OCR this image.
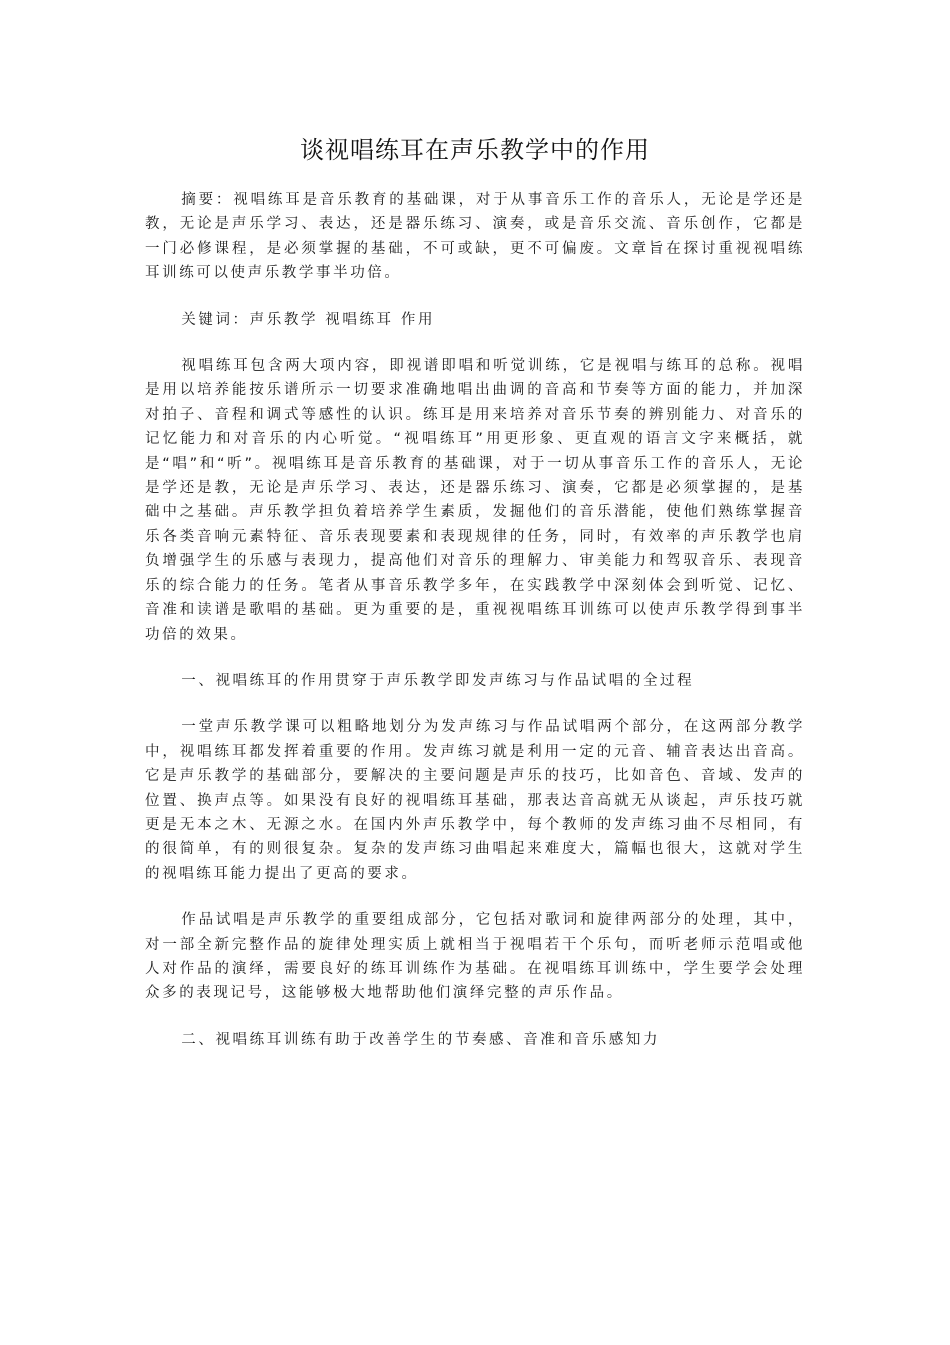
谈视唱练耳在声乐教学中的作用

摘要：视唱练耳是音乐教育的基础课，对于从事音乐工作的音乐人，无论是学还是教，无论是声乐学习、表达，还是器乐练习、演奏，或是音乐交流、音乐创作，它都是一门必修课程，是必须掌握的基础，不可或缺，更不可偏废。文章旨在探讨重视视唱练耳训练可以使声乐教学事半功倍。

关键词：声乐教学 视唱练耳 作用

视唱练耳包含两大项内容，即视谱即唱和听觉训练，它是视唱与练耳的总称。视唱是用以培养能按乐谱所示一切要求准确地唱出曲调的音高和节奏等方面的能力，并加深对拍子、音程和调式等感性的认识。练耳是用来培养对音乐节奏的辨别能力、对音乐的记忆能力和对音乐的内心听觉。“视唱练耳”用更形象、更直观的语言文字来概括，就是“唱”和“听”。视唱练耳是音乐教育的基础课，对于一切从事音乐工作的音乐人，无论是学还是教，无论是声乐学习、表达，还是器乐练习、演奏，它都是必须掌握的，是基础中之基础。声乐教学担负着培养学生素质，发掘他们的音乐潜能，使他们熟练掌握音乐各类音响元素特征、音乐表现要素和表现规律的任务，同时，有效率的声乐教学也肩负增强学生的乐感与表现力，提高他们对音乐的理解力、审美能力和驾驭音乐、表现音乐的综合能力的任务。笔者从事音乐教学多年，在实践教学中深刻体会到听觉、记忆、音准和读谱是歌唱的基础。更为重要的是，重视视唱练耳训练可以使声乐教学得到事半功倍的效果。

一、视唱练耳的作用贯穿于声乐教学即发声练习与作品试唱的全过程

一堂声乐教学课可以粗略地划分为发声练习与作品试唱两个部分，在这两部分教学中，视唱练耳都发挥着重要的作用。发声练习就是利用一定的元音、辅音表达出音高。它是声乐教学的基础部分，要解决的主要问题是声乐的技巧，比如音色、音域、发声的位置、换声点等。如果没有良好的视唱练耳基础，那表达音高就无从谈起，声乐技巧就更是无本之木、无源之水。在国内外声乐教学中，每个教师的发声练习曲不尽相同，有的很简单，有的则很复杂。复杂的发声练习曲唱起来难度大，篇幅也很大，这就对学生的视唱练耳能力提出了更高的要求。

作品试唱是声乐教学的重要组成部分，它包括对歌词和旋律两部分的处理，其中，对一部全新完整作品的旋律处理实质上就相当于视唱若干个乐句，而听老师示范唱或他人对作品的演绎，需要良好的练耳训练作为基础。在视唱练耳训练中，学生要学会处理众多的表现记号，这能够极大地帮助他们演绎完整的声乐作品。

二、视唱练耳训练有助于改善学生的节奏感、音准和音乐感知力
